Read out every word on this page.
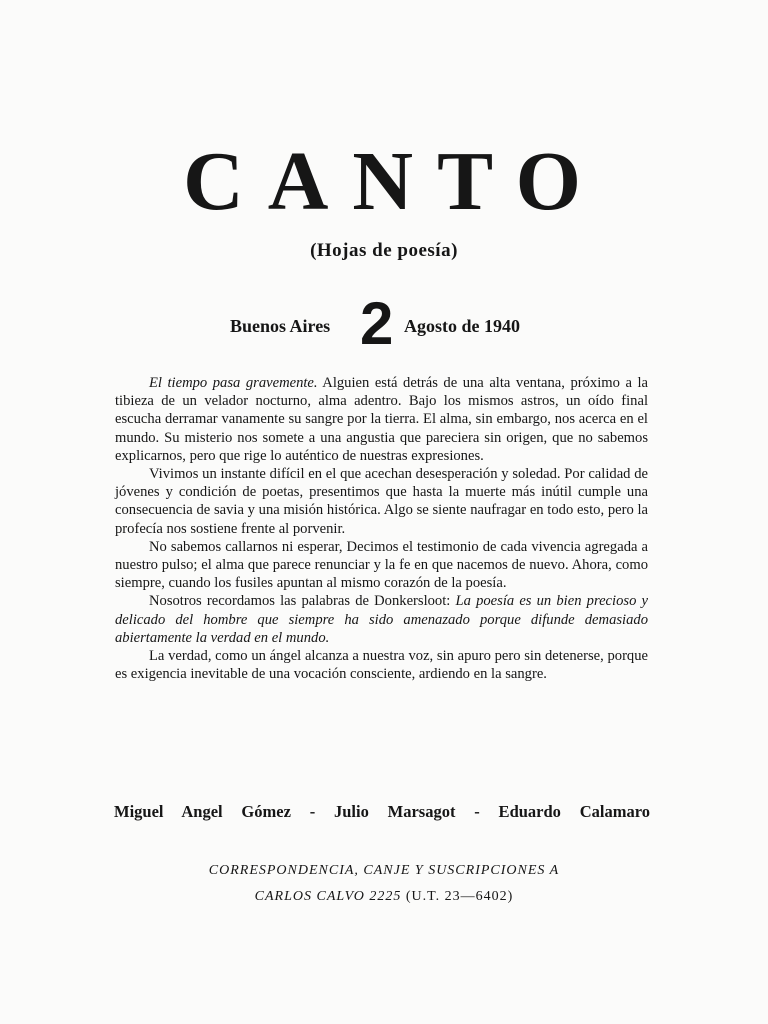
CANTO
(Hojas de poesía)
Buenos Aires 2 Agosto de 1940

El tiempo pasa gravemente. Alguien está detrás de una alta ventana, próximo a la tibieza de un velador nocturno, alma adentro. Bajo los mismos astros, un oído final escucha derramar vanamente su sangre por la tierra. El alma, sin embargo, nos acerca en el mundo. Su misterio nos somete a una angustia que pareciera sin origen, que no sabemos explicarnos, pero que rige lo auténtico de nuestras expresiones.

Vivimos un instante difícil en el que acechan desesperación y soledad. Por calidad de jóvenes y condición de poetas, presentimos que hasta la muerte más inútil cumple una consecuencia de savia y una misión histórica. Algo se siente naufragar en todo esto, pero la profecía nos sostiene frente al porvenir.

No sabemos callarnos ni esperar, Decimos el testimonio de cada vivencia agregada a nuestro pulso; el alma que parece renunciar y la fe en que nacemos de nuevo. Ahora, como siempre, cuando los fusiles apuntan al mismo corazón de la poesía.

Nosotros recordamos las palabras de Donkersloot: La poesía es un bien precioso y delicado del hombre que siempre ha sido amenazado porque difunde demasiado abiertamente la verdad en el mundo.

La verdad, como un ángel alcanza a nuestra voz, sin apuro pero sin detenerse, porque es exigencia inevitable de una vocación consciente, ardiendo en la sangre.

Miguel Angel Gómez - Julio Marsagot - Eduardo Calamaro
CORRESPONDENCIA, CANJE Y SUSCRIPCIONES A
CARLOS CALVO 2225 (U.T. 23—6402)
